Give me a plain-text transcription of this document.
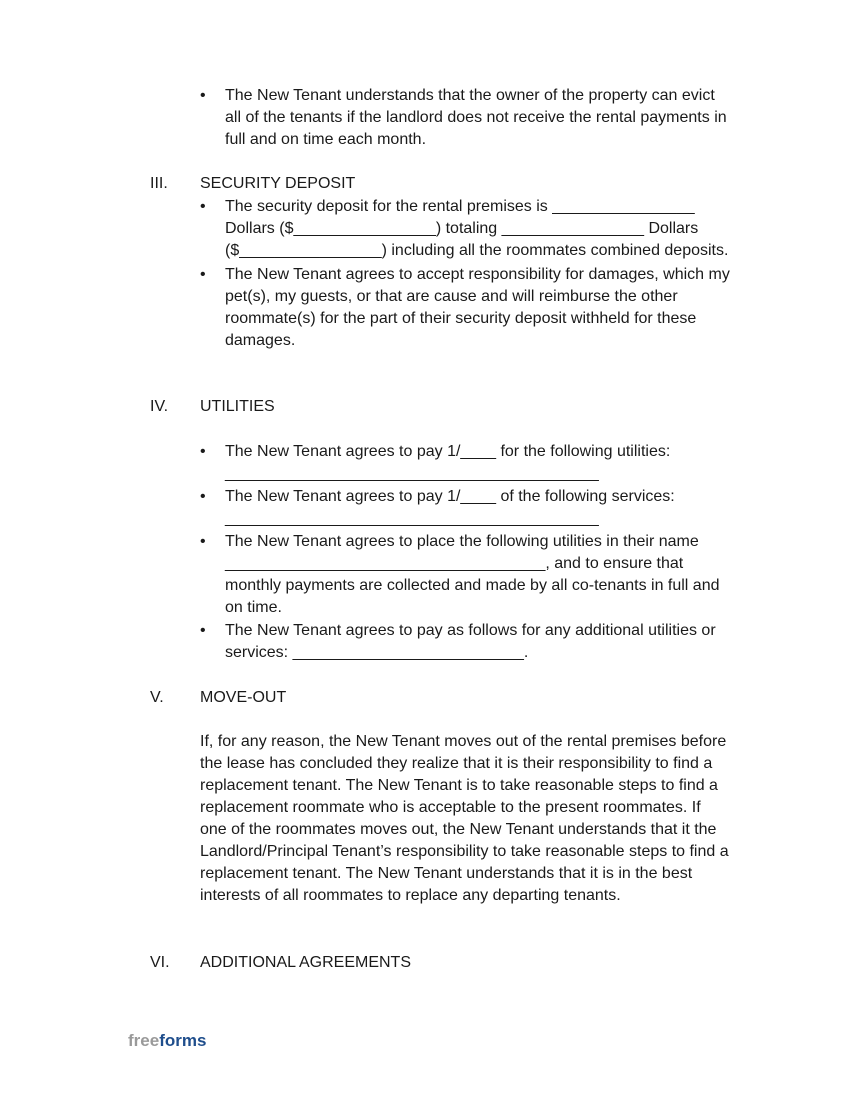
• The New Tenant understands that the owner of the property can evict all of the tenants if the landlord does not receive the rental payments in full and on time each month.
III. SECURITY DEPOSIT
• The security deposit for the rental premises is ________________ Dollars ($________________) totaling ________________ Dollars ($________________) including all the roommates combined deposits.
• The New Tenant agrees to accept responsibility for damages, which my pet(s), my guests, or that are cause and will reimburse the other roommate(s) for the part of their security deposit withheld for these damages.
IV. UTILITIES
• The New Tenant agrees to pay 1/____ for the following utilities: __________________________________________
• The New Tenant agrees to pay 1/____ of the following services: __________________________________________
• The New Tenant agrees to place the following utilities in their name ____________________________________, and to ensure that monthly payments are collected and made by all co-tenants in full and on time.
• The New Tenant agrees to pay as follows for any additional utilities or services: __________________________.
V. MOVE-OUT
If, for any reason, the New Tenant moves out of the rental premises before the lease has concluded they realize that it is their responsibility to find a replacement tenant. The New Tenant is to take reasonable steps to find a replacement roommate who is acceptable to the present roommates. If one of the roommates moves out, the New Tenant understands that it the Landlord/Principal Tenant’s responsibility to take reasonable steps to find a replacement tenant. The New Tenant understands that it is in the best interests of all roommates to replace any departing tenants.
VI. ADDITIONAL AGREEMENTS
freeforms
